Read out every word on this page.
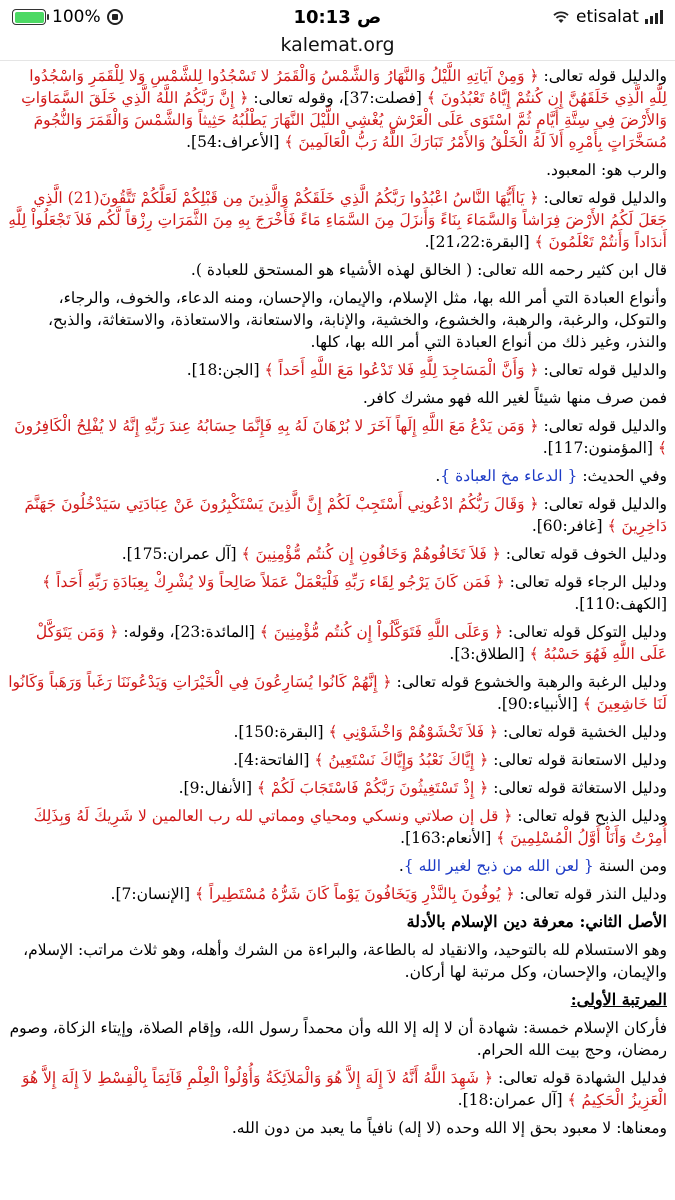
100%	10:13 ص	etisalat
kalemat.org

والدليل قوله تعالى: ﴿ وَمِنْ آيَاتِهِ اللَّيْلُ وَالنَّهَارُ وَالشَّمْسُ وَالْقَمَرُ لا تَسْجُدُوا لِلشَّمْسِ وَلا لِلْقَمَرِ وَاسْجُدُوا لِلَّهِ الَّذِي خَلَقَهُنَّ إِن كُنتُمْ إِيَّاهُ تَعْبُدُونَ ﴾ [فصلت:37]، وقوله تعالى: ﴿ إِنَّ رَبَّكُمُ اللَّهُ الَّذِي خَلَقَ السَّمَاوَاتِ وَالأَرْضَ فِي سِتَّةِ أَيَّامٍ ثُمَّ اسْتَوَى عَلَى الْعَرْشِ يُغْشِي اللَّيْلَ النَّهَارَ يَطْلُبُهُ حَثِيثاً وَالشَّمْسَ وَالْقَمَرَ وَالنُّجُومَ مُسَخَّرَاتٍ بِأَمْرِهِ أَلاَ لَهُ الْخَلْقُ وَالأَمْرُ تَبَارَكَ اللَّهُ رَبُّ الْعَالَمِينَ ﴾ [الأعراف:54].

والرب هو: المعبود.

والدليل قوله تعالى: ﴿ يَاأَيُّهَا النَّاسُ اعْبُدُوا رَبَّكُمُ الَّذِي خَلَقَكُمْ وَالَّذِينَ مِن قَبْلِكُمْ لَعَلَّكُمْ تَتَّقُونَ(21) الَّذِي جَعَلَ لَكُمُ الأَرْضَ فِرَاشاً وَالسَّمَاءَ بِنَاءً وَأَنزَلَ مِنَ السَّمَاءِ مَاءً فَأَخْرَجَ بِهِ مِنَ الثَّمَرَاتِ رِزْقاً لَّكُم فَلاَ تَجْعَلُواْ لِلَّهِ أَندَاداً وَأَنتُمْ تَعْلَمُونَ ﴾ [البقرة:21،22].

قال ابن كثير رحمه الله تعالى: ( الخالق لهذه الأشياء هو المستحق للعبادة ).

وأنواع العبادة التي أمر الله بها، مثل الإسلام، والإيمان، والإحسان، ومنه الدعاء، والخوف، والرجاء، والتوكل، والرغبة، والرهبة، والخشوع، والخشية، والإنابة، والاستعانة، والاستعاذة، والاستغاثة، والذبح، والنذر، وغير ذلك من أنواع العبادة التي أمر الله بها، كلها.

والدليل قوله تعالى: ﴿ وَأَنَّ الْمَسَاجِدَ لِلَّهِ فَلا تَدْعُوا مَعَ اللَّهِ أَحَداً ﴾ [الجن:18].

فمن صرف منها شيئاً لغير الله فهو مشرك كافر.

والدليل قوله تعالى: ﴿ وَمَن يَدْعُ مَعَ اللَّهِ إِلَهاً آخَرَ لا بُرْهَانَ لَهُ بِهِ فَإِنَّمَا حِسَابُهُ عِندَ رَبِّهِ إِنَّهُ لا يُفْلِحُ الْكَافِرُونَ ﴾ [المؤمنون:117].

وفي الحديث: { الدعاء مخ العبادة }.

والدليل قوله تعالى: ﴿ وَقَالَ رَبُّكُمُ ادْعُونِي أَسْتَجِبْ لَكُمْ إِنَّ الَّذِينَ يَسْتَكْبِرُونَ عَنْ عِبَادَتِي سَيَدْخُلُونَ جَهَنَّمَ دَاخِرِينَ ﴾ [غافر:60].

ودليل الخوف قوله تعالى: ﴿ فَلاَ تَخَافُوهُمْ وَخَافُونِ إِن كُنتُم مُّؤْمِنِينَ ﴾ [آل عمران:175].

ودليل الرجاء قوله تعالى: ﴿ فَمَن كَانَ يَرْجُو لِقَاء رَبِّهِ فَلْيَعْمَلْ عَمَلاً صَالِحاً وَلا يُشْرِكْ بِعِبَادَةِ رَبِّهِ أَحَداً ﴾ [الكهف:110].

ودليل التوكل قوله تعالى: ﴿ وَعَلَى اللَّهِ فَتَوَكَّلُواْ إِن كُنتُم مُّؤْمِنِينَ ﴾ [المائدة:23]، وقوله: ﴿ وَمَن يَتَوَكَّلْ عَلَى اللَّهِ فَهُوَ حَسْبُهُ ﴾ [الطلاق:3].

ودليل الرغبة والرهبة والخشوع قوله تعالى: ﴿ إِنَّهُمْ كَانُوا يُسَارِعُونَ فِي الْخَيْرَاتِ وَيَدْعُونَنَا رَغَباً وَرَهَباً وَكَانُوا لَنَا خَاشِعِينَ ﴾ [الأنبياء:90].

ودليل الخشية قوله تعالى: ﴿ فَلاَ تَخْشَوْهُمْ وَاخْشَوْنِي ﴾ [البقرة:150].

ودليل الاستعانة قوله تعالى: ﴿ إِيَّاكَ نَعْبُدُ وَإِيَّاكَ نَسْتَعِينُ ﴾ [الفاتحة:4].

ودليل الاستغاثة قوله تعالى: ﴿ إِذْ تَسْتَغِيثُونَ رَبَّكُمْ فَاسْتَجَابَ لَكُمْ ﴾ [الأنفال:9].

ودليل الذبح قوله تعالى: ﴿ قل إن صلاتي ونسكي ومحياي ومماتي لله رب العالمين لا شَرِيكَ لَهُ وَبِذَلِكَ أُمِرْتُ وَأَنَاْ أَوَّلُ الْمُسْلِمِينَ ﴾ [الأنعام:163].

ومن السنة { لعن الله من ذبح لغير الله }.

ودليل النذر قوله تعالى: ﴿ يُوفُونَ بِالنَّذْرِ وَيَخَافُونَ يَوْماً كَانَ شَرُّهُ مُسْتَطِيراً ﴾ [الإنسان:7].

الأصل الثاني: معرفة دين الإسلام بالأدلة

وهو الاستسلام لله بالتوحيد، والانقياد له بالطاعة، والبراءة من الشرك وأهله، وهو ثلاث مراتب: الإسلام، والإيمان، والإحسان، وكل مرتبة لها أركان.

المرتبة الأولى:

فأركان الإسلام خمسة: شهادة أن لا إله إلا الله وأن محمداً رسول الله، وإقام الصلاة، وإيتاء الزكاة، وصوم رمضان، وحج بيت الله الحرام.

فدليل الشهادة قوله تعالى: ﴿ شَهِدَ اللَّهُ أَنَّهُ لاَ إِلَهَ إِلاَّ هُوَ وَالْمَلاَئِكَةُ وَأُوْلُواْ الْعِلْمِ قَآئِمَاً بِالْقِسْطِ لاَ إِلَهَ إِلاَّ هُوَ الْعَزِيزُ الْحَكِيمُ ﴾ [آل عمران:18].

ومعناها: لا معبود بحق إلا الله وحده (لا إله) نافياً ما يعبد من دون الله.
